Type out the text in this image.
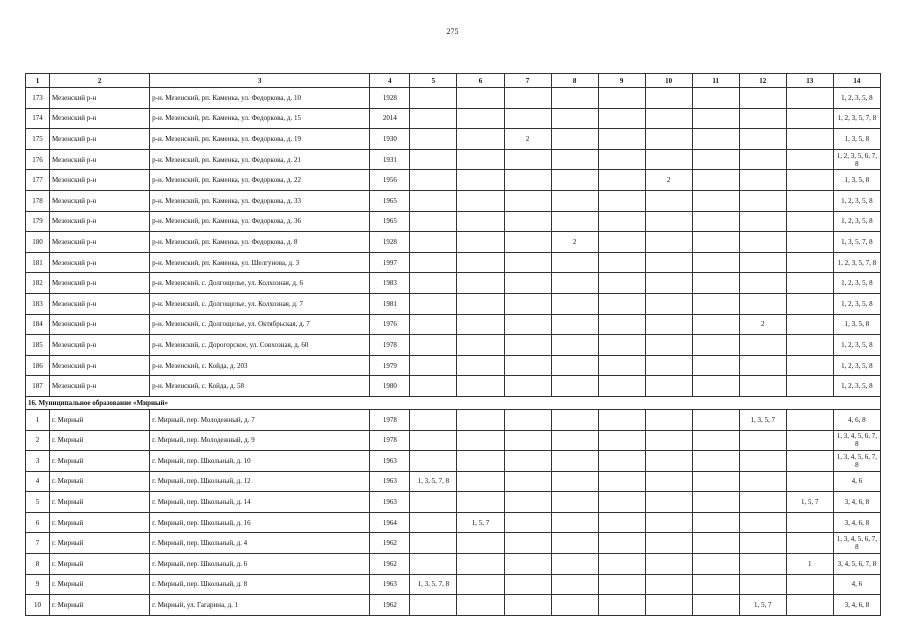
275
1	2	3	4	5	6	7	8	9	10	11	12	13	14
173	Мезенский р-н	р-н. Мезенский, рп. Каменка, ул. Федоркова, д. 10	1928										1, 2, 3, 5, 8
174	Мезенский р-н	р-н. Мезенский, рп. Каменка, ул. Федоркова, д. 15	2014										1, 2, 3, 5, 7, 8
175	Мезенский р-н	р-н. Мезенский, рп. Каменка, ул. Федоркова, д. 19	1930			2							1, 3, 5, 8
176	Мезенский р-н	р-н. Мезенский, рп. Каменка, ул. Федоркова, д. 21	1931										1, 2, 3, 5, 6, 7, 8
177	Мезенский р-н	р-н. Мезенский, рп. Каменка, ул. Федоркова, д. 22	1956						2				1, 3, 5, 8
178	Мезенский р-н	р-н. Мезенский, рп. Каменка, ул. Федоркова, д. 33	1965										1, 2, 3, 5, 8
179	Мезенский р-н	р-н. Мезенский, рп. Каменка, ул. Федоркова, д. 36	1965										1, 2, 3, 5, 8
180	Мезенский р-н	р-н. Мезенский, рп. Каменка, ул. Федоркова, д. 8	1928				2						1, 3, 5, 7, 8
181	Мезенский р-н	р-н. Мезенский, рп. Каменка, ул. Шелгунова, д. 3	1997										1, 2, 3, 5, 7, 8
182	Мезенский р-н	р-н. Мезенский, с. Долгощелье, ул. Колхозная, д. 6	1983										1, 2, 3, 5, 8
183	Мезенский р-н	р-н. Мезенский, с. Долгощелье, ул. Колхозная, д. 7	1981										1, 2, 3, 5, 8
184	Мезенский р-н	р-н. Мезенский, с. Долгощелье, ул. Октябрьская, д. 7	1976								2		1, 3, 5, 8
185	Мезенский р-н	р-н. Мезенский, с. Дорогорское, ул. Совхозная, д. 60	1978										1, 2, 3, 5, 8
186	Мезенский р-н	р-н. Мезенский, с. Койда, д. 203	1979										1, 2, 3, 5, 8
187	Мезенский р-н	р-н. Мезенский, с. Койда, д. 58	1980										1, 2, 3, 5, 8
16. Муниципальное образование «Мирный»													
1	г. Мирный	г. Мирный, пер. Молодежный, д. 7	1978								1, 3, 5, 7		4, 6, 8
2	г. Мирный	г. Мирный, пер. Молодежный, д. 9	1978										1, 3, 4, 5, 6, 7, 8
3	г. Мирный	г. Мирный, пер. Школьный, д. 10	1963										1, 3, 4, 5, 6, 7, 8
4	г. Мирный	г. Мирный, пер. Школьный, д. 12	1963	1, 3, 5, 7, 8									4, 6
5	г. Мирный	г. Мирный, пер. Школьный, д. 14	1963									1, 5, 7	3, 4, 6, 8
6	г. Мирный	г. Мирный, пер. Школьный, д. 16	1964		1, 5, 7								3, 4, 6, 8
7	г. Мирный	г. Мирный, пер. Школьный, д. 4	1962										1, 3, 4, 5, 6, 7, 8
8	г. Мирный	г. Мирный, пер. Школьный, д. 6	1962									1	3, 4, 5, 6, 7, 8
9	г. Мирный	г. Мирный, пер. Школьный, д. 8	1963	1, 3, 5, 7, 8									4, 6
10	г. Мирный	г. Мирный, ул. Гагарина, д. 1	1962								1, 5, 7		3, 4, 6, 8
